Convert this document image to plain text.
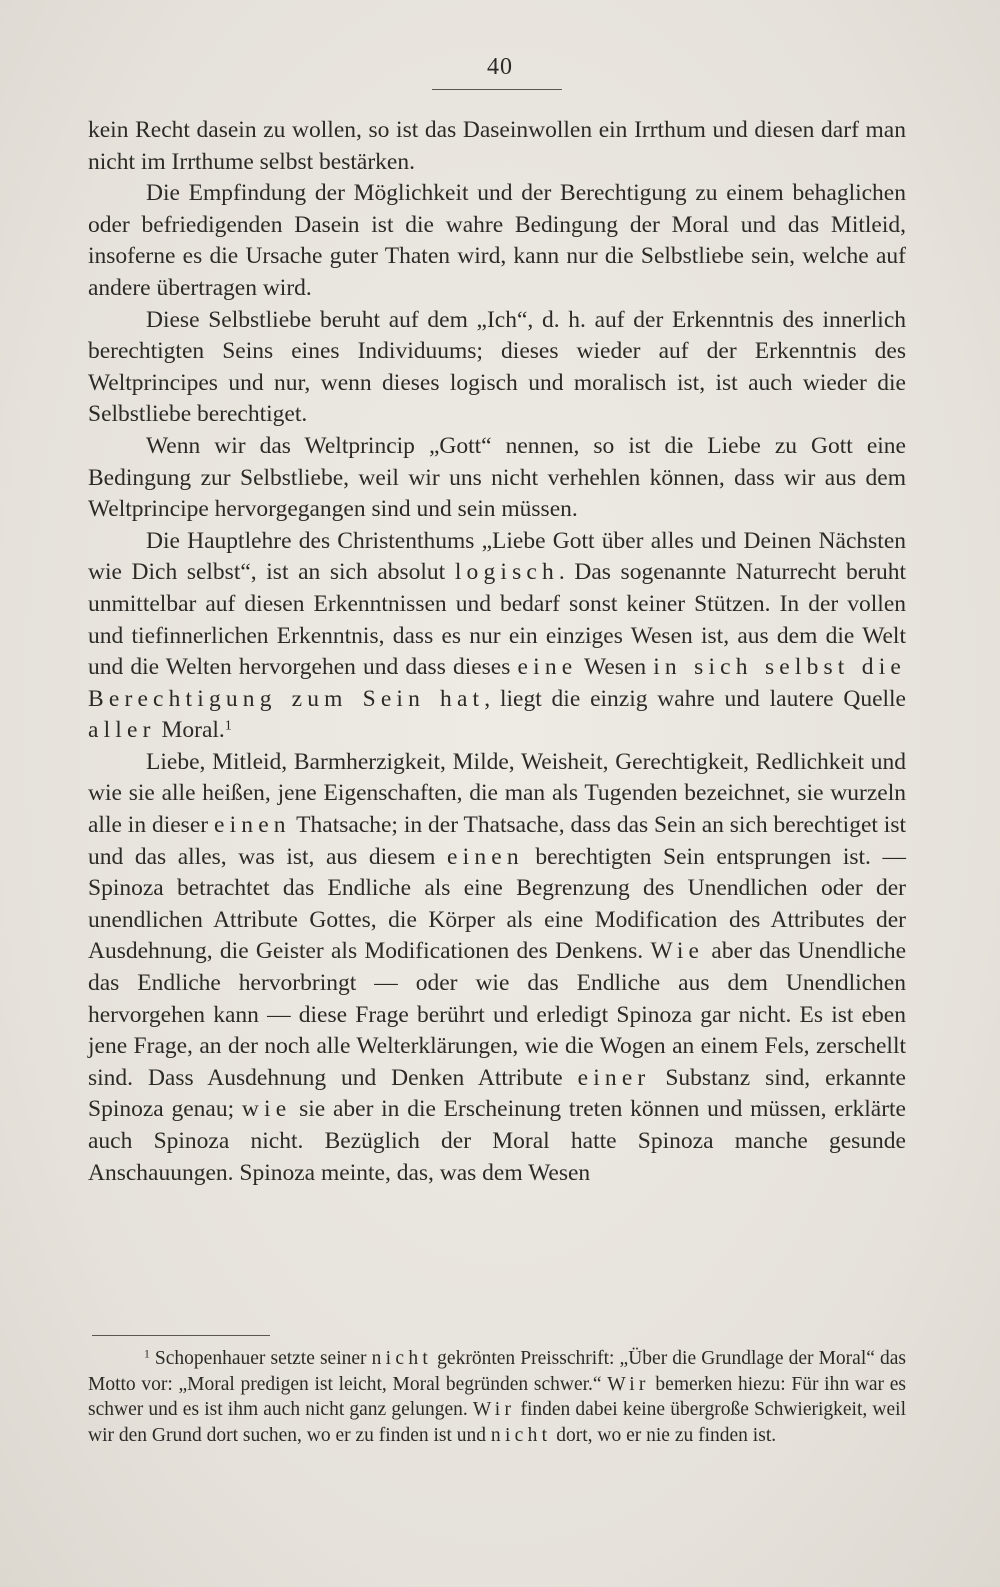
40

kein Recht dasein zu wollen, so ist das Daseinwollen ein Irrthum und diesen darf man nicht im Irrthume selbst bestärken.

Die Empfindung der Möglichkeit und der Berechtigung zu einem behaglichen oder befriedigenden Dasein ist die wahre Bedingung der Moral und das Mitleid, insoferne es die Ursache guter Thaten wird, kann nur die Selbstliebe sein, welche auf andere übertragen wird.

Diese Selbstliebe beruht auf dem „Ich“, d. h. auf der Erkenntnis des innerlich berechtigten Seins eines Individuums; dieses wieder auf der Erkenntnis des Weltprincipes und nur, wenn dieses logisch und moralisch ist, ist auch wieder die Selbstliebe berechtiget.

Wenn wir das Weltprincip „Gott“ nennen, so ist die Liebe zu Gott eine Bedingung zur Selbstliebe, weil wir uns nicht verhehlen können, dass wir aus dem Weltprincipe hervorgegangen sind und sein müssen.

Die Hauptlehre des Christenthums „Liebe Gott über alles und Deinen Nächsten wie Dich selbst“, ist an sich absolut logisch. Das sogenannte Naturrecht beruht unmittelbar auf diesen Erkenntnissen und bedarf sonst keiner Stützen. In der vollen und tiefinnerlichen Erkenntnis, dass es nur ein einziges Wesen ist, aus dem die Welt und die Welten hervorgehen und dass dieses eine Wesen in sich selbst die Berechtigung zum Sein hat, liegt die einzig wahre und lautere Quelle aller Moral.$^1$

Liebe, Mitleid, Barmherzigkeit, Milde, Weisheit, Gerechtigkeit, Redlichkeit und wie sie alle heißen, jene Eigenschaften, die man als Tugenden bezeichnet, sie wurzeln alle in dieser einen Thatsache; in der Thatsache, dass das Sein an sich berechtiget ist und das alles, was ist, aus diesem einen berechtigten Sein entsprungen ist. — Spinoza betrachtet das Endliche als eine Begrenzung des Unendlichen oder der unendlichen Attribute Gottes, die Körper als eine Modification des Attributes der Ausdehnung, die Geister als Modificationen des Denkens. Wie aber das Unendliche das Endliche hervorbringt — oder wie das Endliche aus dem Unendlichen hervorgehen kann — diese Frage berührt und erledigt Spinoza gar nicht. Es ist eben jene Frage, an der noch alle Welterklärungen, wie die Wogen an einem Fels, zerschellt sind. Dass Ausdehnung und Denken Attribute einer Substanz sind, erkannte Spinoza genau; wie sie aber in die Erscheinung treten können und müssen, erklärte auch Spinoza nicht. Bezüglich der Moral hatte Spinoza manche gesunde Anschauungen. Spinoza meinte, das, was dem Wesen

$^1$ Schopenhauer setzte seiner nicht gekrönten Preisschrift: „Über die Grundlage der Moral“ das Motto vor: „Moral predigen ist leicht, Moral begründen schwer.“ Wir bemerken hiezu: Für ihn war es schwer und es ist ihm auch nicht ganz gelungen. Wir finden dabei keine übergroße Schwierigkeit, weil wir den Grund dort suchen, wo er zu finden ist und nicht dort, wo er nie zu finden ist.
